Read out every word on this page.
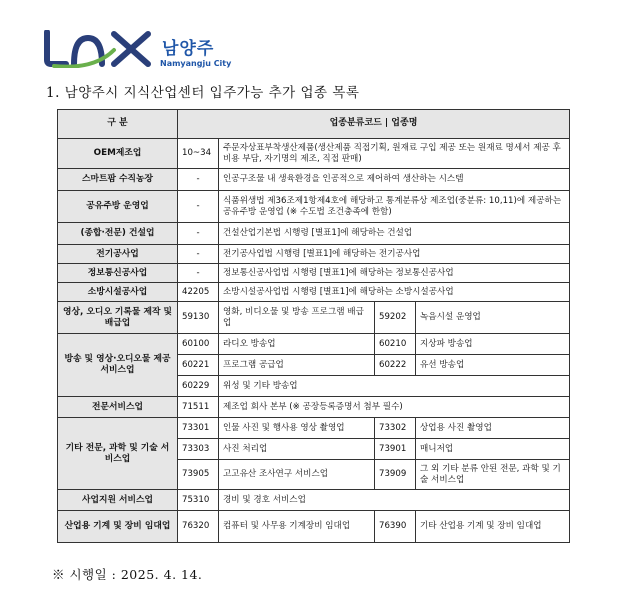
남양주
Namyangju City
1. 남양주시 지식산업센터 입주가능 추가 업종 목록
구 분	업종분류코드 | 업종명			
OEM제조업	10~34	주문자상표부착생산제품(생산제품 직접기획, 원재료 구입 제공 또는 원재료 명세서 제공 후 비용 부담, 자기명의 제조, 직접 판매)		
스마트팜 수직농장	-	인공구조물 내 생육환경을 인공적으로 제어하여 생산하는 시스템		
공유주방 운영업	-	식품위생법 제36조제1항제4호에 해당하고 통계분류상 제조업(중분류: 10,11)에 제공하는 공유주방 운영업 (※ 수도법 조건충족에 한함)		
(종합·전문) 건설업	-	건설산업기본법 시행령 [별표1]에 해당하는 건설업		
전기공사업	-	전기공사업법 시행령 [별표1]에 해당하는 전기공사업		
정보통신공사업	-	정보통신공사업법 시행령 [별표1]에 해당하는 정보통신공사업		
소방시설공사업	42205	소방시설공사업법 시행령 [별표1]에 해당하는 소방시설공사업		
영상, 오디오 기록물 제작 및 배급업	59130	영화, 비디오물 및 방송 프로그램 배급업	59202	녹음시설 운영업
방송 및 영상·오디오물 제공 서비스업	60100	라디오 방송업	60210	지상파 방송업
	60221	프로그램 공급업	60222	유선 방송업
	60229	위성 및 기타 방송업		
전문서비스업	71511	제조업 회사 본부 (※ 공장등록증명서 첨부 필수)		
기타 전문, 과학 및 기술 서비스업	73301	인물 사진 및 행사용 영상 촬영업	73302	상업용 사진 촬영업
	73303	사진 처리업	73901	매니저업
	73905	고고유산 조사연구 서비스업	73909	그 외 기타 분류 안된 전문, 과학 및 기술 서비스업
사업지원 서비스업	75310	경비 및 경호 서비스업		
산업용 기계 및 장비 임대업	76320	컴퓨터 및 사무용 기계장비 임대업	76390	기타 산업용 기계 및 장비 임대업
※ 시행일 : 2025. 4. 14.
